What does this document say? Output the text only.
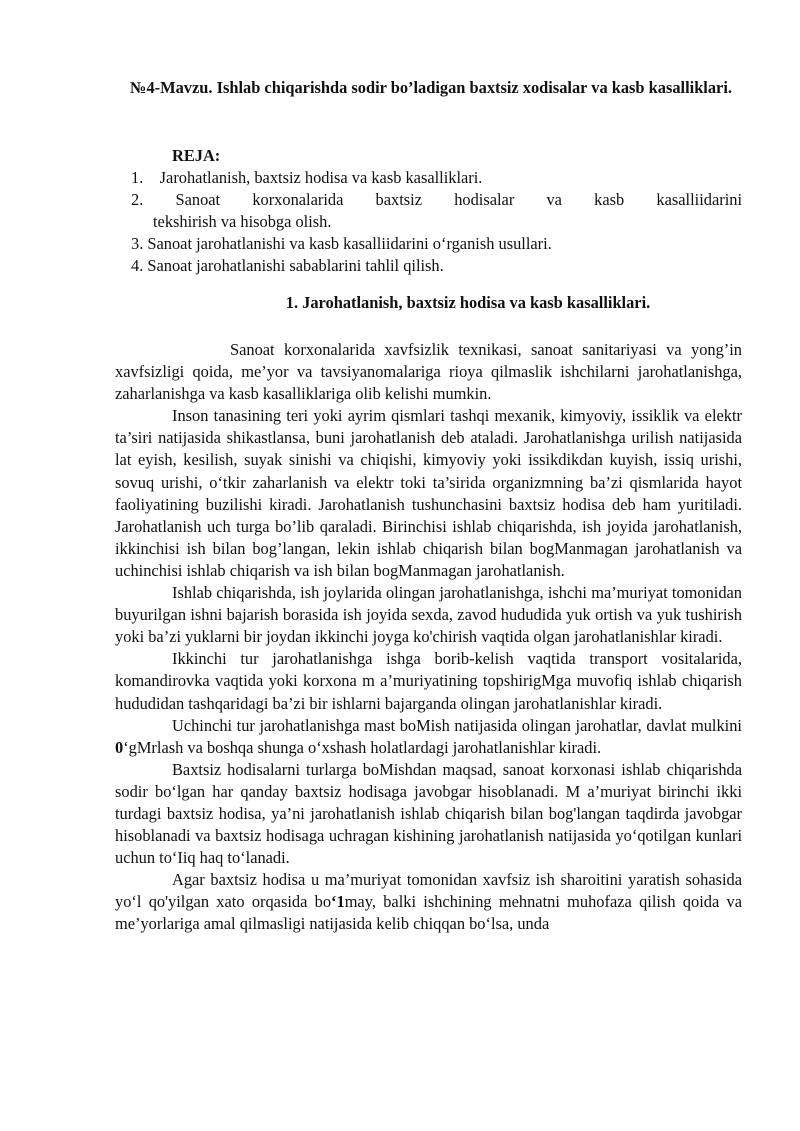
№4-Mavzu. Ishlab chiqarishda sodir bo’ladigan baxtsiz xodisalar va kasb kasalliklari.
REJA:
1.    Jarohatlanish, baxtsiz hodisa va kasb kasalliklari.
2. Sanoat korxonalarida baxtsiz hodisalar va kasb kasalliidarini
tekshirish va hisobga olish.
3. Sanoat jarohatlanishi va kasb kasalliidarini o‘rganish usullari.
4. Sanoat jarohatlanishi sabablarini tahlil qilish.
1. Jarohatlanish, baxtsiz hodisa va kasb kasalliklari.

Sanoat korxonalarida xavfsizlik texnikasi, sanoat sanitariyasi va yong’in xavfsizligi qoida, me’yor va tavsiyanomalariga rioya qilmaslik ishchilarni jarohatlanishga, zaharlanishga va kasb kasalliklariga olib kelishi mumkin.

Inson tanasining teri yoki ayrim qismlari tashqi mexanik, kimyoviy, issiklik va elektr ta’siri natijasida shikastlansa, buni jarohatlanish deb ataladi. Jarohatlanishga urilish natijasida lat eyish, kesilish, suyak sinishi va chiqishi, kimyoviy yoki issikdikdan kuyish, issiq urishi, sovuq urishi, o‘tkir zaharlanish va elektr toki ta’sirida organizmning ba’zi qismlarida hayot faoliyatining buzilishi kiradi. Jarohatlanish tushunchasini baxtsiz hodisa deb ham yuritiladi. Jarohatlanish uch turga bo’lib qaraladi. Birinchisi ishlab chiqarishda, ish joyida jarohatlanish, ikkinchisi ish bilan bog’langan, lekin ishlab chiqarish bilan bogManmagan jarohatlanish va uchinchisi ishlab chiqarish va ish bilan bogManmagan jarohatlanish.

Ishlab chiqarishda, ish joylarida olingan jarohatlanishga, ishchi ma’muriyat tomonidan buyurilgan ishni bajarish borasida ish joyida sexda, zavod hududida yuk ortish va yuk tushirish yoki ba’zi yuklarni bir joydan ikkinchi joyga ko'chirish vaqtida olgan jarohatlanishlar kiradi.

Ikkinchi tur jarohatlanishga ishga borib-kelish vaqtida transport vositalarida, komandirovka vaqtida yoki korxona m a’muriyatining topshirigMga muvofiq ishlab chiqarish hududidan tashqaridagi ba’zi bir ishlarni bajarganda olingan jarohatlanishlar kiradi.

Uchinchi tur jarohatlanishga mast boMish natijasida olingan jarohatlar, davlat mulkini 0‘gMrlash va boshqa shunga o‘xshash holatlardagi jarohatlanishlar kiradi.

Baxtsiz hodisalarni turlarga boMishdan maqsad, sanoat korxonasi ishlab chiqarishda sodir bo‘lgan har qanday baxtsiz hodisaga javobgar hisoblanadi. M a’muriyat birinchi ikki turdagi baxtsiz hodisa, ya’ni jarohatlanish ishlab chiqarish bilan bog'langan taqdirda javobgar hisoblanadi va baxtsiz hodisaga uchragan kishining jarohatlanish natijasida yo‘qotilgan kunlari uchun to‘Iiq haq to‘lanadi.

Agar baxtsiz hodisa u ma’muriyat tomonidan xavfsiz ish sharoitini yaratish sohasida yo‘l qo'yilgan xato orqasida bo‘1may, balki ishchining mehnatni muhofaza qilish qoida va me’yorlariga amal qilmasligi natijasida kelib chiqqan bo‘lsa, unda
